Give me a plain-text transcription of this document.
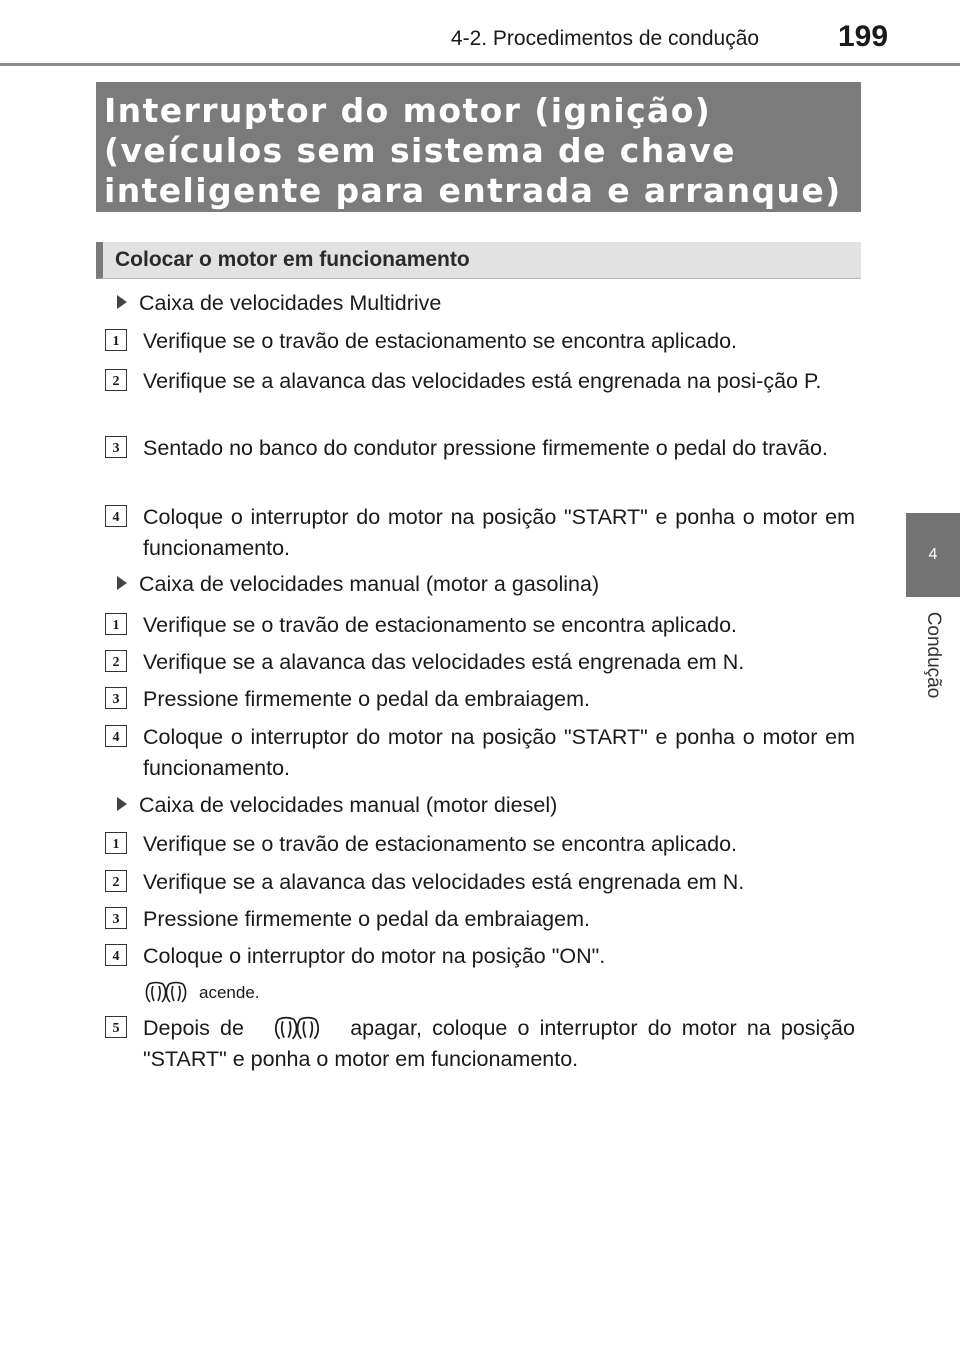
4-2. Procedimentos de condução	199
4
Condução
Interruptor do motor (ignição) (veículos sem sistema de chave inteligente para entrada e arranque)
Colocar o motor em funcionamento
Caixa de velocidades Multidrive
1	Verifique se o travão de estacionamento se encontra aplicado.
2	Verifique se a alavanca das velocidades está engrenada na posi-ção P.
3	Sentado no banco do condutor pressione firmemente o pedal do travão.
4	Coloque o interruptor do motor na posição "START" e ponha o motor em funcionamento.
Caixa de velocidades manual (motor a gasolina)
1	Verifique se o travão de estacionamento se encontra aplicado.
2	Verifique se a alavanca das velocidades está engrenada em N.
3	Pressione firmemente o pedal da embraiagem.
4	Coloque o interruptor do motor na posição "START" e ponha o motor em funcionamento.
Caixa de velocidades manual (motor diesel)
1	Verifique se o travão de estacionamento se encontra aplicado.
2	Verifique se a alavanca das velocidades está engrenada em N.
3	Pressione firmemente o pedal da embraiagem.
4	Coloque o interruptor do motor na posição "ON".
acende.
5	Depois de	apagar, coloque o interruptor do motor na posição "START" e ponha o motor em funcionamento.
